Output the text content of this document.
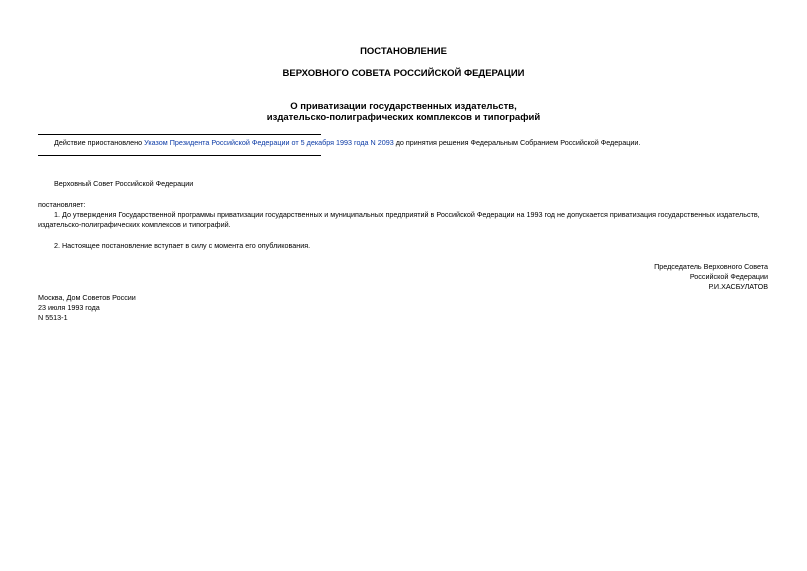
ПОСТАНОВЛЕНИЕ
ВЕРХОВНОГО СОВЕТА РОССИЙСКОЙ ФЕДЕРАЦИИ
О приватизации государственных издательств,
издательско-полиграфических комплексов и типографий
Действие приостановлено Указом Президента Российской Федерации от 5 декабря 1993 года N 2093 до принятия решения Федеральным Собранием Российской Федерации.
Верховный Совет Российской Федерации
постановляет:
1. До утверждения Государственной программы приватизации государственных и муниципальных предприятий в Российской Федерации на 1993 год не допускается приватизация государственных издательств, издательско-полиграфических комплексов и типографий.
2. Настоящее постановление вступает в силу с момента его опубликования.
Председатель Верховного Совета
Российской Федерации
Р.И.ХАСБУЛАТОВ
Москва, Дом Советов России
23 июля 1993 года
N 5513-1
